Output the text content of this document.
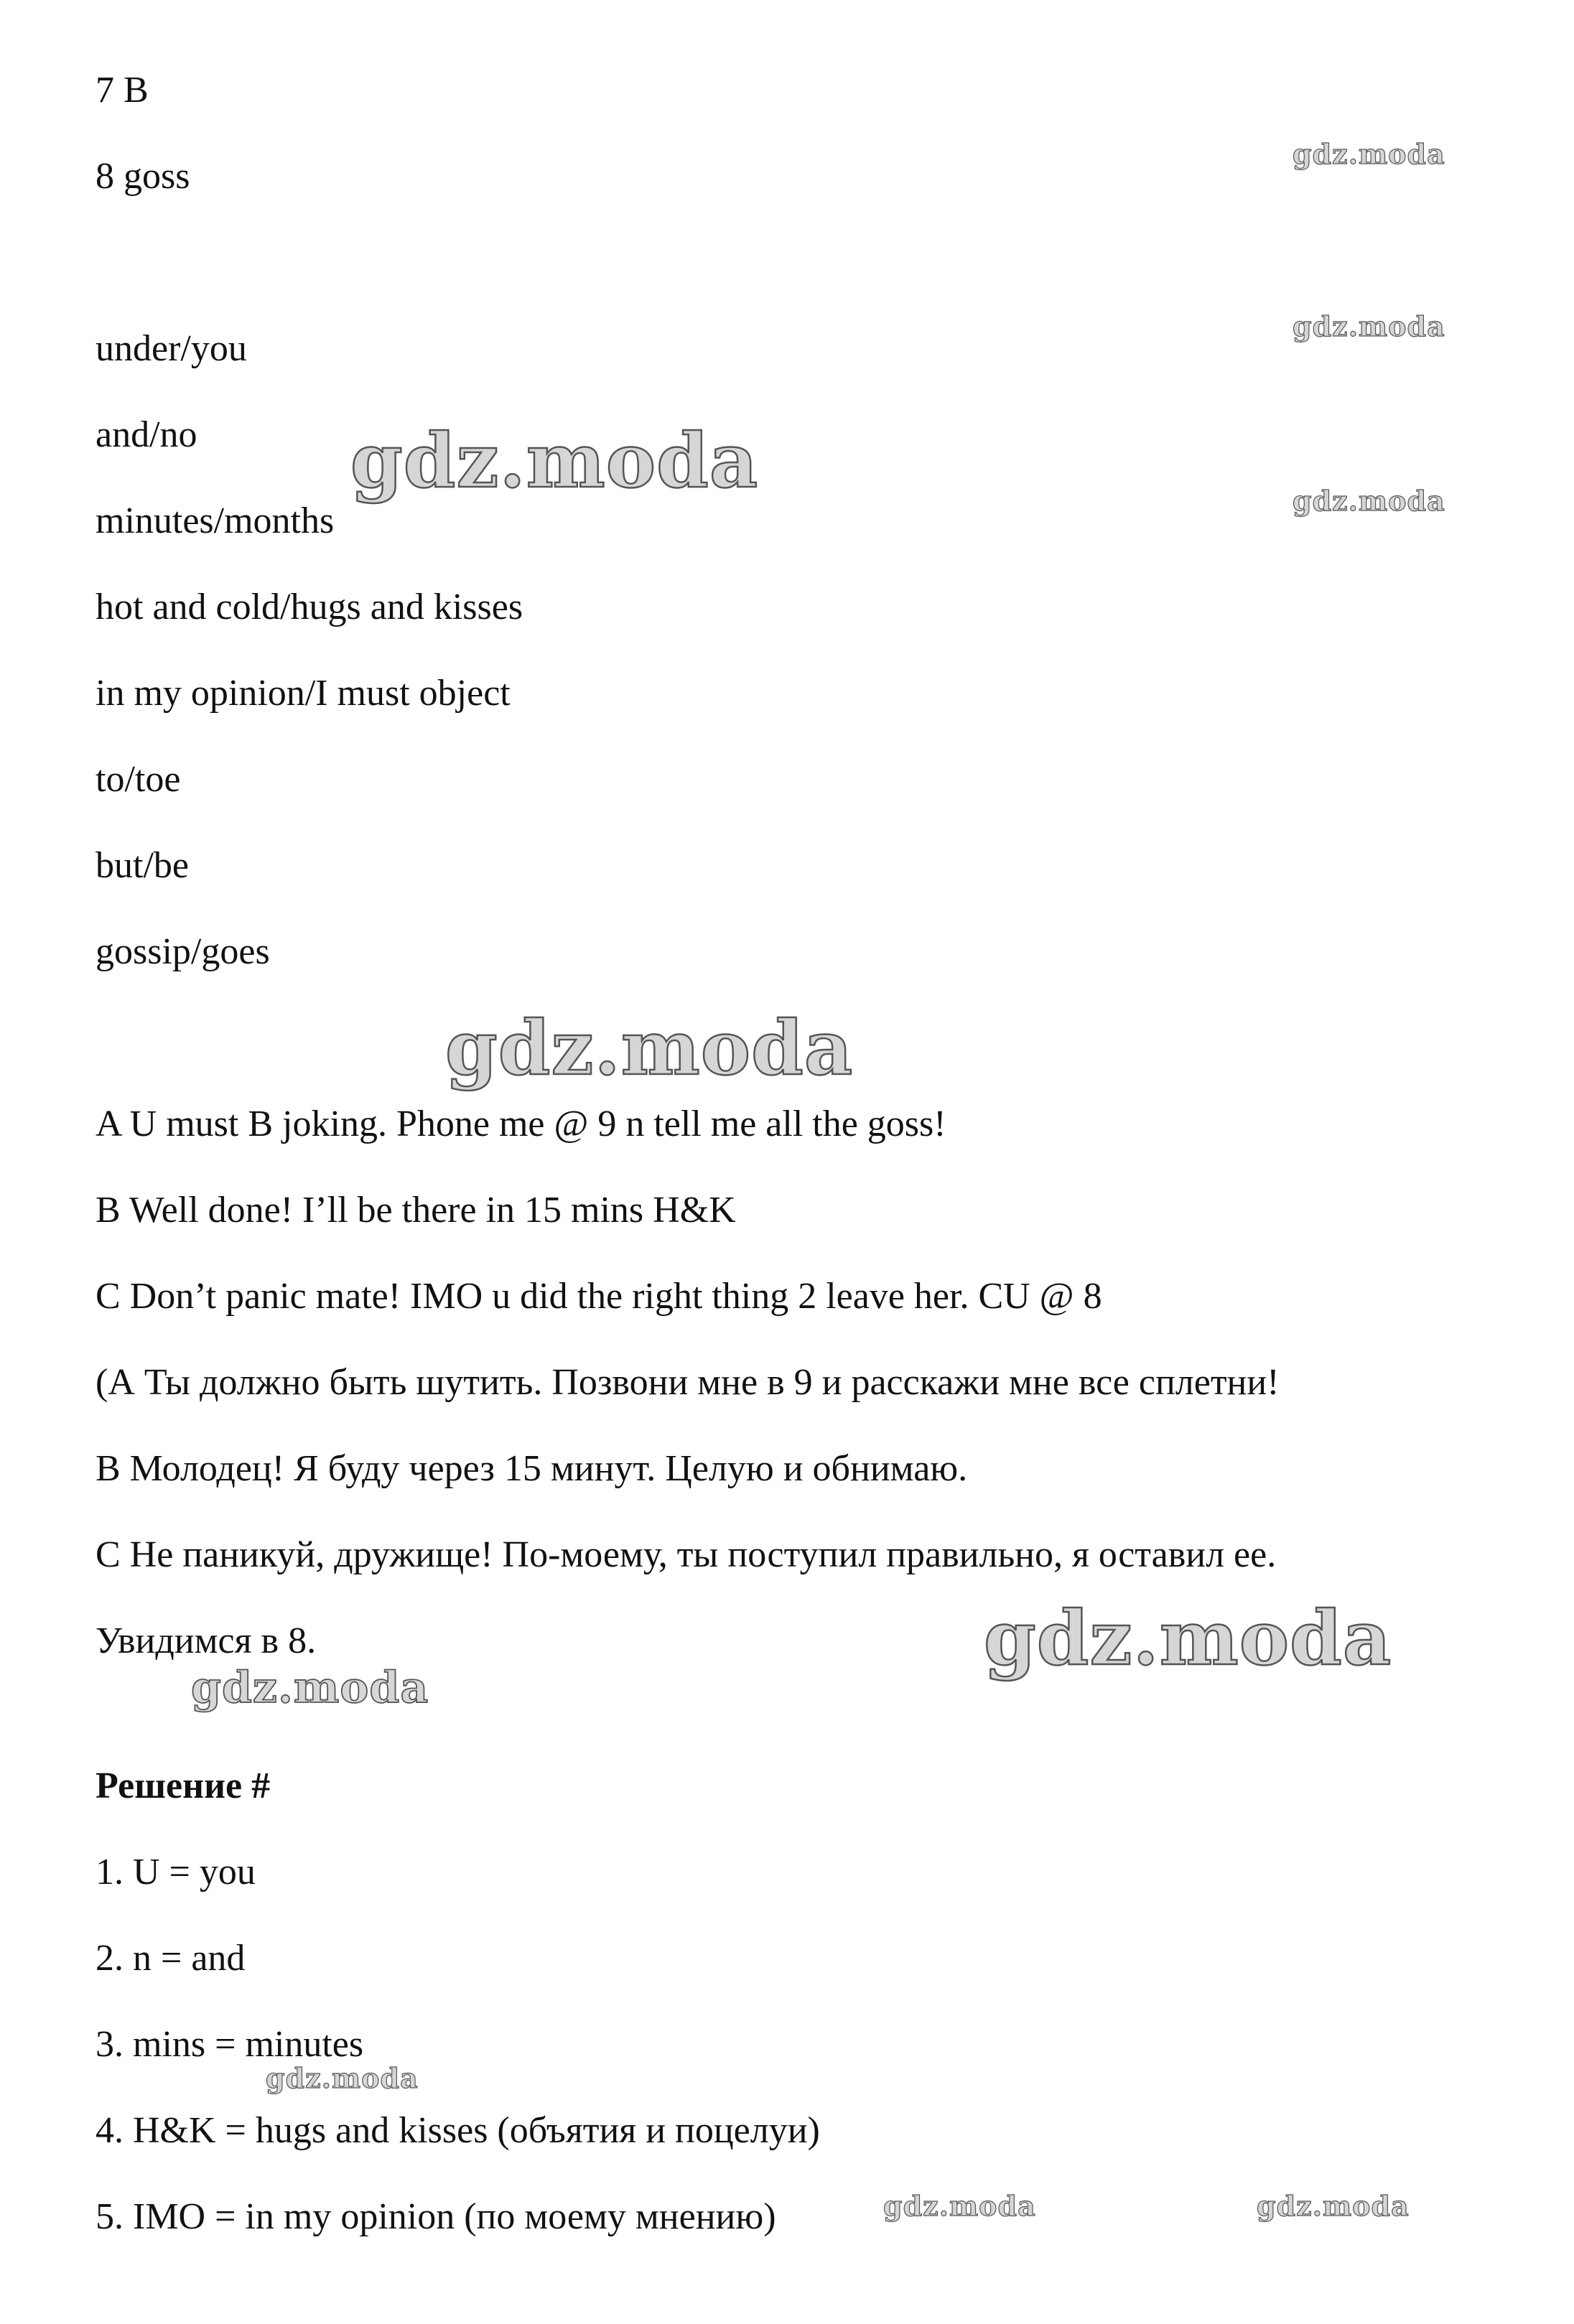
7 B
8 goss
under/you
and/no
minutes/months
hot and cold/hugs and kisses
in my opinion/I must object
to/toe
but/be
gossip/goes
A U must B joking. Phone me @ 9 n tell me all the goss!
B Well done! I’ll be there in 15 mins H&K
C Don’t panic mate! IMO u did the right thing 2 leave her. CU @ 8
(А Ты должно быть шутить. Позвони мне в 9 и расскажи мне все сплетни!
В Молодец! Я буду через 15 минут. Целую и обнимаю.
С Не паникуй, дружище! По-моему, ты поступил правильно, я оставил ее.
Увидимся в 8.
Решение #
1. U = you
2. n = and
3. mins = minutes
4. H&K = hugs and kisses (объятия и поцелуи)
5. IMO = in my opinion (по моему мнению)
gdz.moda
gdz.moda
gdz.moda
gdz.moda
gdz.moda
gdz.moda
gdz.moda
gdz.moda
gdz.moda	gdz.moda
